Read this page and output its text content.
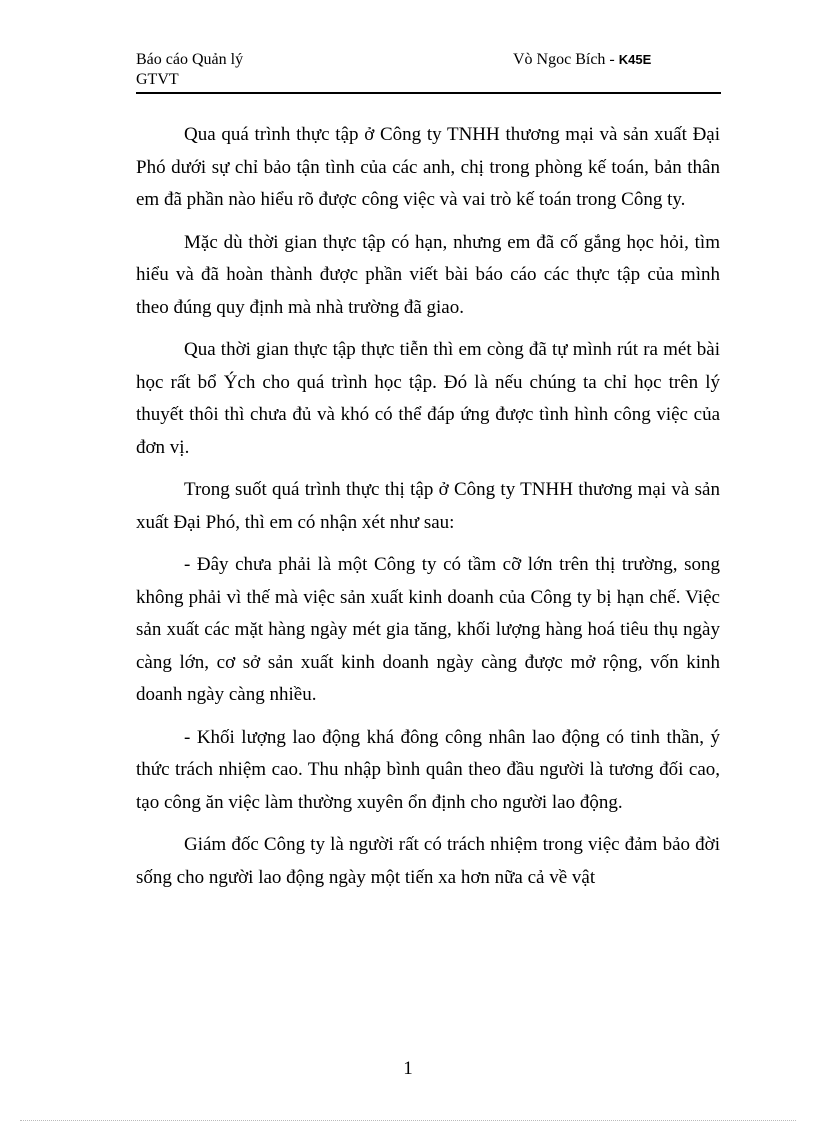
Báo cáo Quản lý
GTVT
Vò Ngoc Bích - K45E

Qua quá trình thực tập ở Công ty TNHH thương mại và sản xuất Đại Phó dưới sự chỉ bảo tận tình của các anh, chị trong phòng kế toán, bản thân em đã phần nào hiểu rõ được công việc và vai trò kế toán trong Công ty.

Mặc dù thời gian thực tập có hạn, nhưng em đã cố gắng học hỏi, tìm hiểu và đã hoàn thành được phần viết bài báo cáo các thực tập của mình theo đúng quy định mà nhà trường đã giao.

Qua thời gian thực tập thực tiễn thì em còng đã tự mình rút ra mét bài học rất bổ Ých cho quá trình học tập. Đó là nếu chúng ta chỉ học trên lý thuyết thôi thì chưa đủ và khó có thể đáp ứng được tình hình công việc của đơn vị.

Trong suốt quá trình thực thị tập ở Công ty TNHH thương mại và sản xuất Đại Phó, thì em có nhận xét như sau:

- Đây chưa phải là một Công ty có tầm cỡ lớn trên thị trường, song không phải vì thế mà việc sản xuất kinh doanh của Công ty bị hạn chế. Việc sản xuất các mặt hàng ngày mét gia tăng, khối lượng hàng hoá tiêu thụ ngày càng lớn, cơ sở sản xuất kinh doanh ngày càng được mở rộng, vốn kinh doanh ngày càng nhiều.

- Khối lượng lao động khá đông công nhân lao động có tinh thần, ý thức trách nhiệm cao. Thu nhập bình quân theo đầu người là tương đối cao, tạo công ăn việc làm thường xuyên ổn định cho người lao động.

Giám đốc Công ty là người rất có trách nhiệm trong việc đảm bảo đời sống cho người lao động ngày một tiến xa hơn nữa cả về vật

1
